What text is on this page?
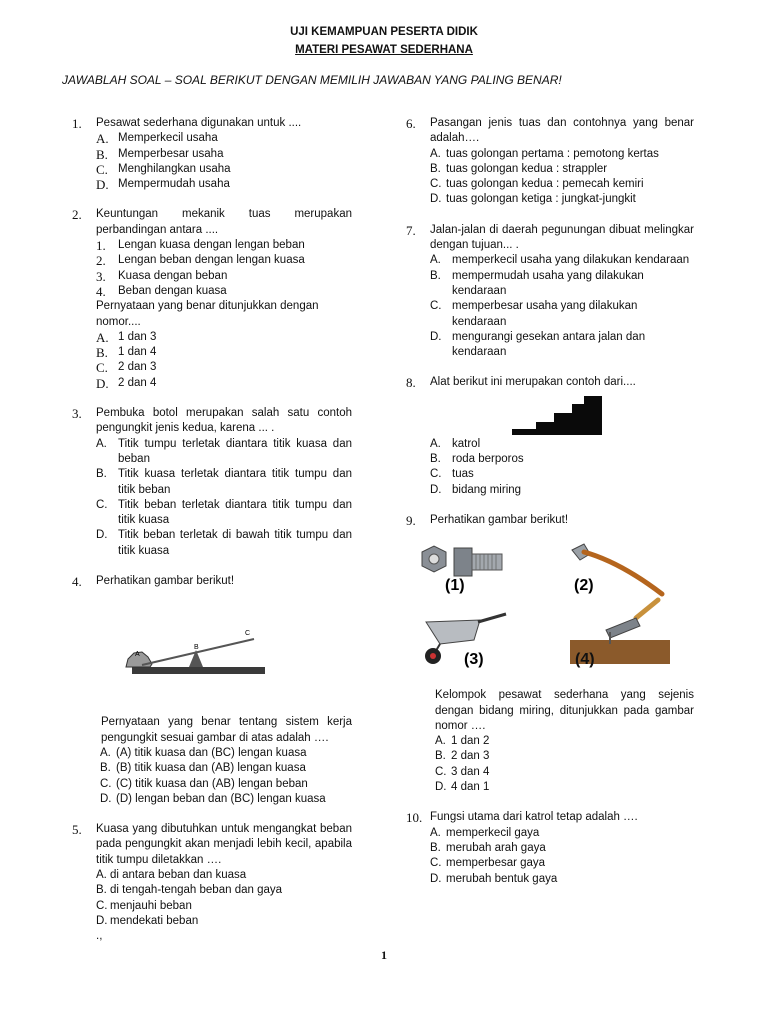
UJI KEMAMPUAN PESERTA DIDIK
MATERI PESAWAT SEDERHANA
JAWABLAH SOAL – SOAL BERIKUT DENGAN MEMILIH JAWABAN YANG PALING BENAR!
1. Pesawat sederhana digunakan untuk ....
A. Memperkecil usaha
B. Memperbesar usaha
C. Menghilangkan usaha
D. Mempermudah usaha
2. Keuntungan mekanik tuas merupakan perbandingan antara ....
1.	Lengan kuasa dengan lengan beban
2.	Lengan beban dengan lengan kuasa
3.	Kuasa dengan beban
4.	Beban dengan kuasa
Pernyataan yang benar ditunjukkan dengan nomor....
A. 1 dan 3
B. 1 dan 4
C. 2 dan 3
D. 2 dan 4
3. Pembuka botol merupakan salah satu contoh pengungkit jenis kedua, karena ... .
A. Titik tumpu terletak diantara titik kuasa dan beban
B. Titik kuasa terletak diantara titik tumpu dan titik beban
C. Titik beban terletak diantara titik tumpu dan titik kuasa
D. Titik beban terletak di bawah titik tumpu dan titik kuasa
4. Perhatikan gambar berikut!
A
B
C
Pernyataan yang benar tentang sistem kerja pengungkit sesuai gambar di atas adalah ….
A. (A) titik kuasa dan (BC) lengan kuasa
B. (B) titik kuasa dan (AB) lengan kuasa
C. (C) titik kuasa dan (AB) lengan beban
D. (D) lengan beban dan (BC) lengan kuasa
5. Kuasa yang dibutuhkan untuk mengangkat beban pada pengungkit akan menjadi lebih kecil, apabila titik tumpu diletakkan ….
A. di antara beban dan kuasa
B. di tengah-tengah beban dan gaya
C. menjauhi beban
D. mendekati beban
.,
6. Pasangan jenis tuas dan contohnya yang benar adalah….
A. tuas golongan pertama : pemotong kertas
B. tuas golongan kedua : strappler
C. tuas golongan kedua : pemecah kemiri
D. tuas golongan ketiga : jungkat-jungkit
7. Jalan-jalan di daerah pegunungan dibuat melingkar dengan tujuan... .
A. memperkecil usaha yang dilakukan kendaraan
B. mempermudah usaha yang dilakukan kendaraan
C. memperbesar usaha yang dilakukan kendaraan
D. mengurangi gesekan antara jalan dan kendaraan
8. Alat berikut ini merupakan contoh dari....
A. katrol
B. roda berporos
C. tuas
D. bidang miring
9. Perhatikan gambar berikut!
(1)	(2)
(3)	(4)
Kelompok pesawat sederhana yang sejenis dengan bidang miring, ditunjukkan pada gambar nomor ….
A. 1 dan 2
B. 2 dan 3
C. 3 dan 4
D. 4 dan 1
10. Fungsi utama dari katrol tetap adalah ….
A. memperkecil gaya
B. merubah arah gaya
C. memperbesar gaya
D. merubah bentuk gaya
1
